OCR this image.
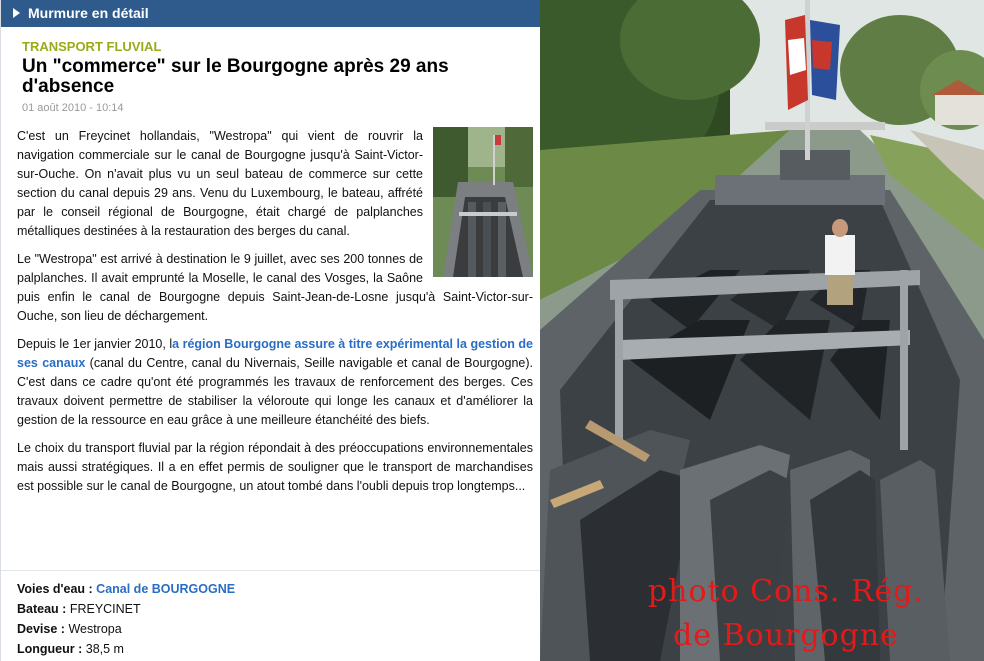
Murmure en détail
TRANSPORT FLUVIAL
Un "commerce" sur le Bourgogne après 29 ans d'absence
01 août 2010 - 10:14

C'est un Freycinet hollandais, "Westropa" qui vient de rouvrir la navigation commerciale sur le canal de Bourgogne jusqu'à Saint-Victor-sur-Ouche. On n'avait plus vu un seul bateau de commerce sur cette section du canal depuis 29 ans. Venu du Luxembourg, le bateau, affrété par le conseil régional de Bourgogne, était chargé de palplanches métalliques destinées à la restauration des berges du canal.

Le "Westropa" est arrivé à destination le 9 juillet, avec ses 200 tonnes de palplanches. Il avait emprunté la Moselle, le canal des Vosges, la Saône puis enfin le canal de Bourgogne depuis Saint-Jean-de-Losne jusqu'à Saint-Victor-sur-Ouche, son lieu de déchargement.

Depuis le 1er janvier 2010, la région Bourgogne assure à titre expérimental la gestion de ses canaux (canal du Centre, canal du Nivernais, Seille navigable et canal de Bourgogne). C'est dans ce cadre qu'ont été programmés les travaux de renforcement des berges. Ces travaux doivent permettre de stabiliser la véloroute qui longe les canaux et d'améliorer la gestion de la ressource en eau grâce à une meilleure étanchéité des biefs.

Le choix du transport fluvial par la région répondait à des préoccupations environnementales mais aussi stratégiques. Il a en effet permis de souligner que le transport de marchandises est possible sur le canal de Bourgogne, un atout tombé dans l'oubli depuis trop longtemps...

Voies d'eau : Canal de BOURGOGNE
Bateau : FREYCINET
Devise : Westropa
Longueur : 38,5 m
photo Cons. Rég.
de Bourgogne
